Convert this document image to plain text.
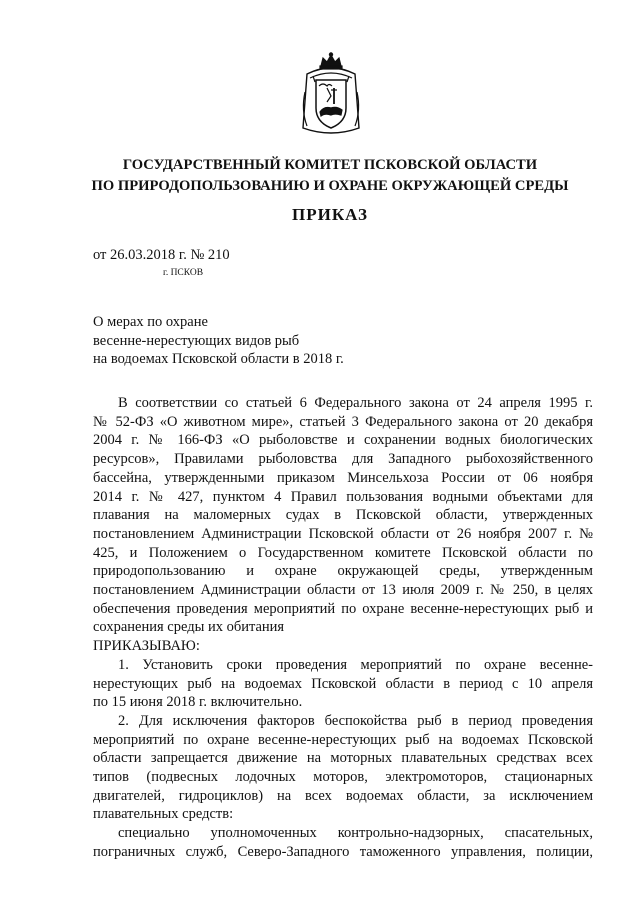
ГОСУДАРСТВЕННЫЙ КОМИТЕТ ПСКОВСКОЙ ОБЛАСТИ
ПО ПРИРОДОПОЛЬЗОВАНИЮ И ОХРАНЕ ОКРУЖАЮЩЕЙ СРЕДЫ
ПРИКАЗ
от 26.03.2018 г. № 210
г. ПСКОВ
О мерах по охране
весенне-нерестующих видов рыб
на водоемах Псковской области в 2018 г.
В соответствии со статьей 6 Федерального закона от 24 апреля 1995 г.
№ 52-ФЗ «О животном мире», статьей 3 Федерального закона от 20 декабря
2004 г. № 166-ФЗ «О рыболовстве и сохранении водных биологических
ресурсов», Правилами рыболовства для Западного рыбохозяйственного
бассейна, утвержденными приказом Минсельхоза России от 06 ноября
2014 г. № 427, пунктом 4 Правил пользования водными объектами для
плавания на маломерных судах в Псковской области, утвержденных
постановлением Администрации Псковской области от 26 ноября 2007 г. №
425, и Положением о Государственном комитете Псковской области по
природопользованию и охране окружающей среды, утвержденным
постановлением Администрации области от 13 июля 2009 г. № 250, в целях
обеспечения проведения мероприятий по охране весенне-нерестующих рыб и
сохранения среды их обитания
ПРИКАЗЫВАЮ:
1. Установить сроки проведения мероприятий по охране весенне-
нерестующих рыб на водоемах Псковской области в период с 10 апреля
по 15 июня 2018 г. включительно.
2. Для исключения факторов беспокойства рыб в период проведения
мероприятий по охране весенне-нерестующих рыб на водоемах Псковской
области запрещается движение на моторных плавательных средствах всех
типов (подвесных лодочных моторов, электромоторов, стационарных
двигателей, гидроциклов) на всех водоемах области, за исключением
плавательных средств:
специально уполномоченных контрольно-надзорных, спасательных,
пограничных служб, Северо-Западного таможенного управления, полиции,
